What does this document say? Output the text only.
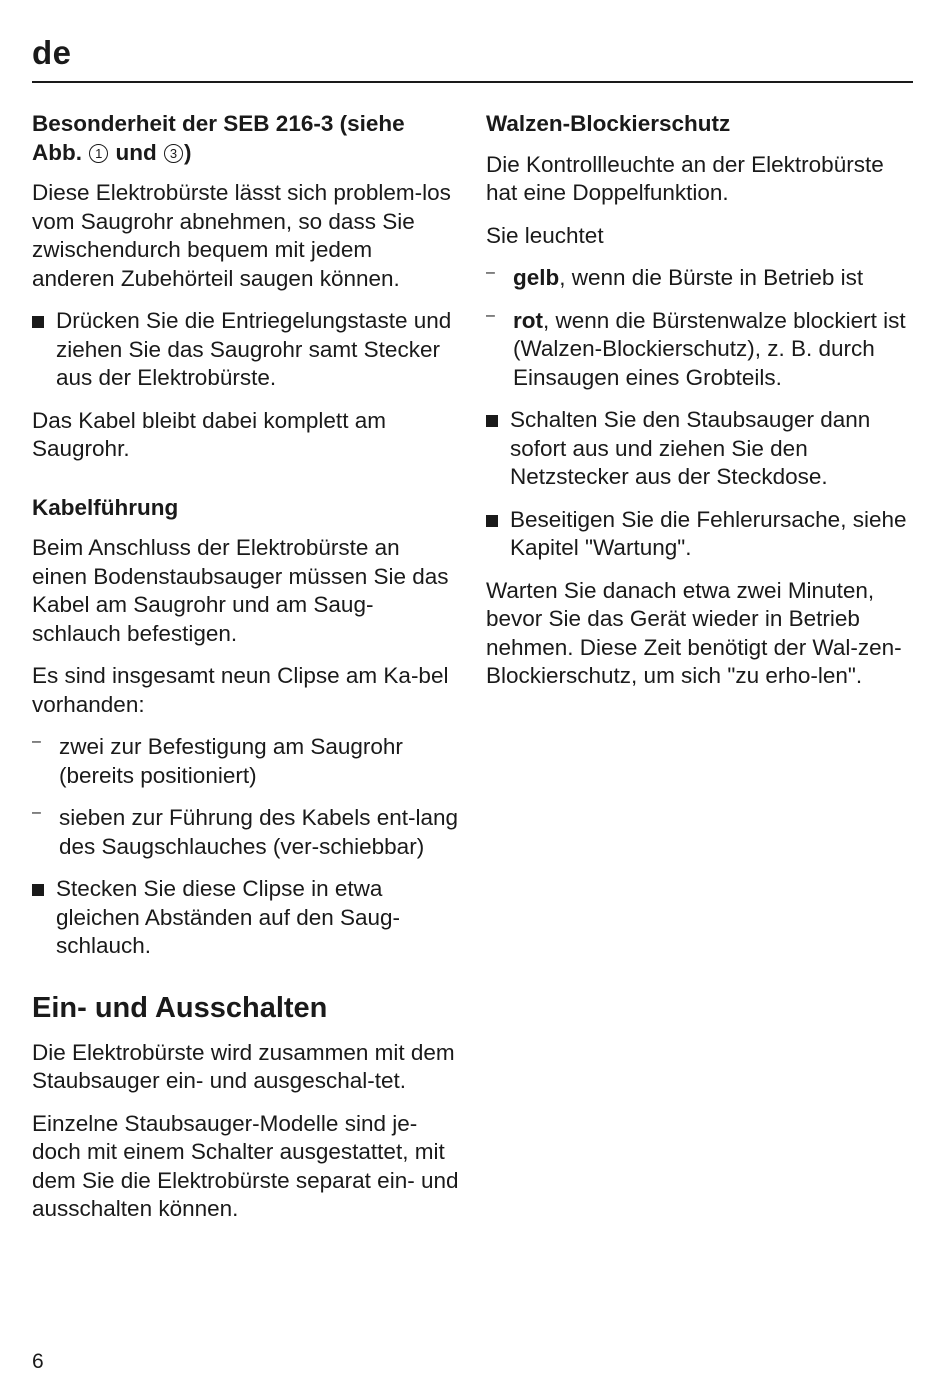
de
Besonderheit der SEB 216-3 (siehe Abb. 1 und 3 )

Diese Elektrobürste lässt sich problem-los vom Saugrohr abnehmen, so dass Sie zwischendurch bequem mit jedem anderen Zubehörteil saugen können.

Drücken Sie die Entriegelungstaste und ziehen Sie das Saugrohr samt Stecker aus der Elektrobürste.

Das Kabel bleibt dabei komplett am Saugrohr.

Kabelführung

Beim Anschluss der Elektrobürste an einen Bodenstaubsauger müssen Sie das Kabel am Saugrohr und am Saug-schlauch befestigen.

Es sind insgesamt neun Clipse am Ka-bel vorhanden:

– zwei zur Befestigung am Saugrohr (bereits positioniert)

– sieben zur Führung des Kabels ent-lang des Saugschlauches (ver-schiebbar)

Stecken Sie diese Clipse in etwa gleichen Abständen auf den Saug-schlauch.

Ein- und Ausschalten

Die Elektrobürste wird zusammen mit dem Staubsauger ein- und ausgeschal-tet.

Einzelne Staubsauger-Modelle sind je-doch mit einem Schalter ausgestattet, mit dem Sie die Elektrobürste separat ein- und ausschalten können.

Walzen-Blockierschutz

Die Kontrollleuchte an der Elektrobürste hat eine Doppelfunktion.

Sie leuchtet

– gelb, wenn die Bürste in Betrieb ist

– rot, wenn die Bürstenwalze blockiert ist (Walzen-Blockierschutz), z. B. durch Einsaugen eines Grobteils.

Schalten Sie den Staubsauger dann sofort aus und ziehen Sie den Netzstecker aus der Steckdose.

Beseitigen Sie die Fehlerursache, siehe Kapitel "Wartung".

Warten Sie danach etwa zwei Minuten, bevor Sie das Gerät wieder in Betrieb nehmen. Diese Zeit benötigt der Wal-zen-Blockierschutz, um sich "zu erho-len".

6
